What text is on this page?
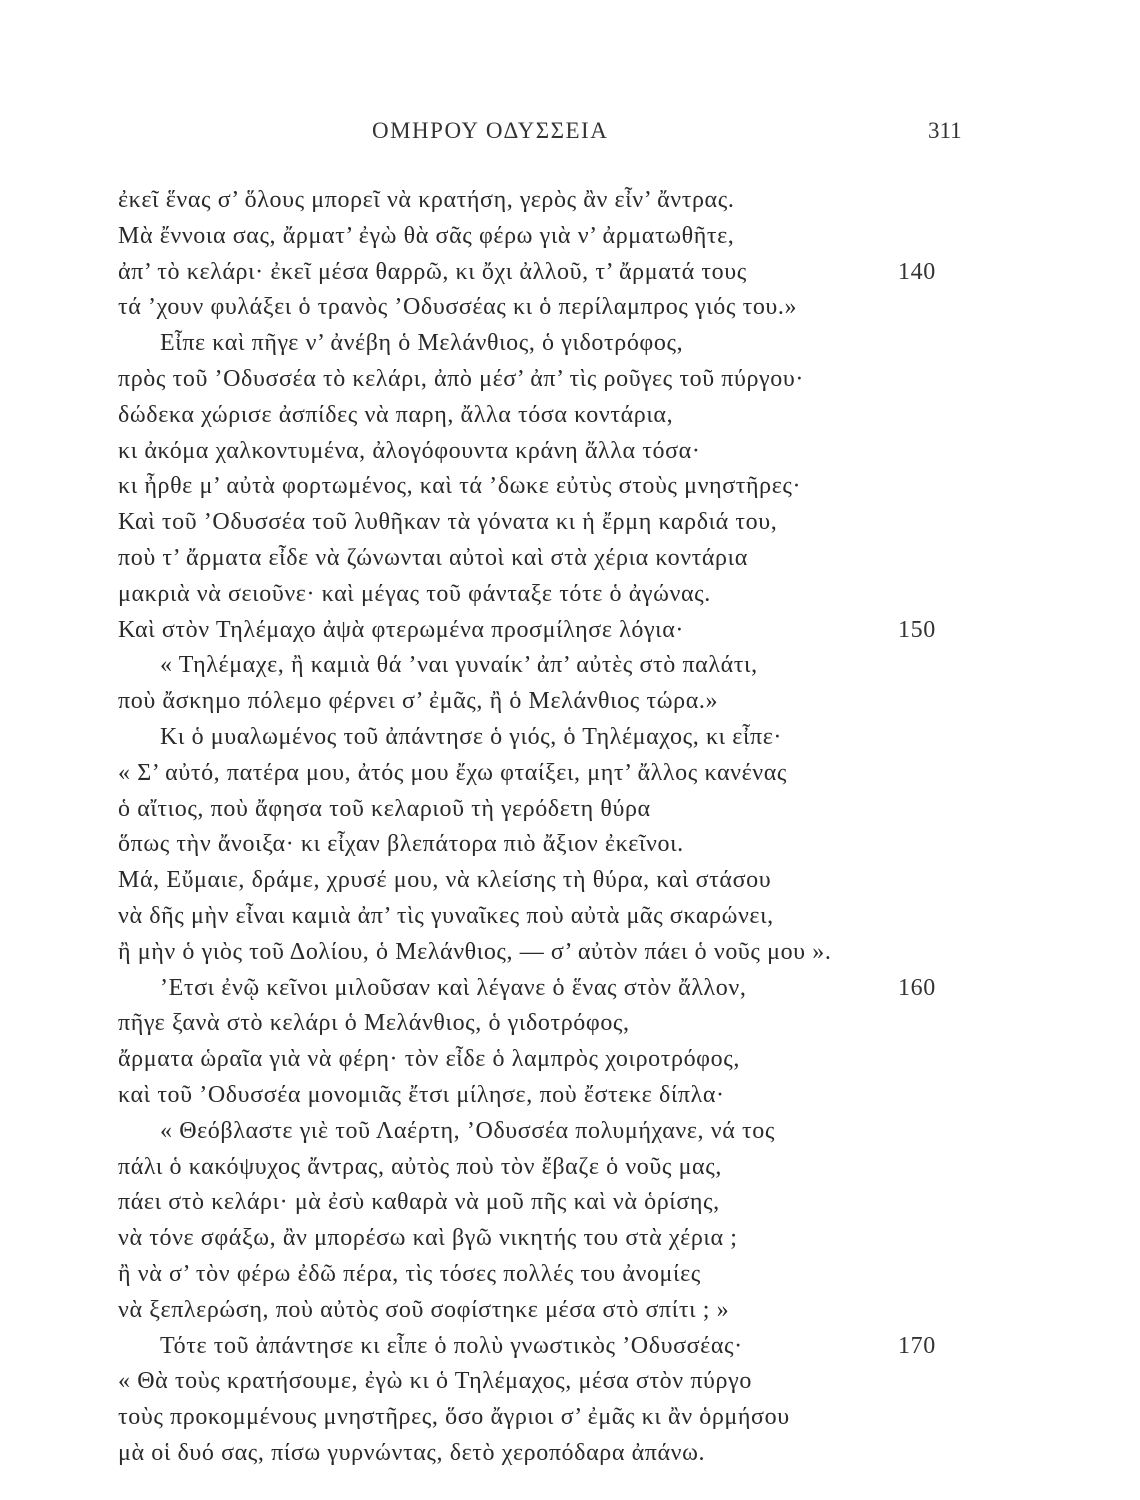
ΟΜΗΡΟΥ ΟΔΥΣΣΕΙΑ	311
ἐκεῖ ἕνας σ’ ὅλους μπορεῖ νὰ κρατήση, γερὸς ἂν εἶν’ ἄντρας.
Μὰ ἔννοια σας, ἄρματ’ ἐγὼ θὰ σᾶς φέρω γιὰ ν’ ἀρματωθῆτε,
ἀπ’ τὸ κελάρι· ἐκεῖ μέσα θαρρῶ, κι ὄχι ἀλλοῦ, τ’ ἄρματά τους	140
τά ’χουν φυλάξει ὁ τρανὸς ’Οδυσσέας κι ὁ περίλαμπρος γιός του.»
Εἶπε καὶ πῆγε ν’ ἀνέβη ὁ Μελάνθιος, ὁ γιδοτρόφος,
πρὸς τοῦ ’Οδυσσέα τὸ κελάρι, ἀπὸ μέσ’ ἀπ’ τὶς ροῦγες τοῦ πύργου·
δώδεκα χώρισε ἀσπίδες νὰ παρη, ἄλλα τόσα κοντάρια,
κι ἀκόμα χαλκοντυμένα, ἀλογόφουντα κράνη ἄλλα τόσα·
κι ἦρθε μ’ αὐτὰ φορτωμένος, καὶ τά ’δωκε εὐτὺς στοὺς μνηστῆρες·
Καὶ τοῦ ’Οδυσσέα τοῦ λυθῆκαν τὰ γόνατα κι ἡ ἔρμη καρδιά του,
ποὺ τ’ ἄρματα εἶδε νὰ ζώνωνται αὐτοὶ καὶ στὰ χέρια κοντάρια
μακριὰ νὰ σειοῦνε· καὶ μέγας τοῦ φάνταξε τότε ὁ ἀγώνας.
Καὶ στὸν Τηλέμαχο ἀψὰ φτερωμένα προσμίλησε λόγια·	150
« Τηλέμαχε, ἢ καμιὰ θά ’ναι γυναίκ’ ἀπ’ αὐτὲς στὸ παλάτι,
ποὺ ἄσκημο πόλεμο φέρνει σ’ ἐμᾶς, ἢ ὁ Μελάνθιος τώρα.»
Κι ὁ μυαλωμένος τοῦ ἀπάντησε ὁ γιός, ὁ Τηλέμαχος, κι εἶπε·
« Σ’ αὐτό, πατέρα μου, ἀτός μου ἔχω φταίξει, μητ’ ἄλλος κανένας
ὁ αἴτιος, ποὺ ἄφησα τοῦ κελαριοῦ τὴ γερόδετη θύρα
ὅπως τὴν ἄνοιξα· κι εἶχαν βλεπάτορα πιὸ ἄξιον ἐκεῖνοι.
Μά, Εὔμαιε, δράμε, χρυσέ μου, νὰ κλείσης τὴ θύρα, καὶ στάσου
νὰ δῆς μὴν εἶναι καμιὰ ἀπ’ τὶς γυναῖκες ποὺ αὐτὰ μᾶς σκαρώνει,
ἢ μὴν ὁ γιὸς τοῦ Δολίου, ὁ Μελάνθιος, — σ’ αὐτὸν πάει ὁ νοῦς μου ».
’Ετσι ἐνῷ κεῖνοι μιλοῦσαν καὶ λέγανε ὁ ἕνας στὸν ἄλλον,	160
πῆγε ξανὰ στὸ κελάρι ὁ Μελάνθιος, ὁ γιδοτρόφος,
ἄρματα ὡραῖα γιὰ νὰ φέρη· τὸν εἶδε ὁ λαμπρὸς χοιροτρόφος,
καὶ τοῦ ’Οδυσσέα μονομιᾶς ἔτσι μίλησε, ποὺ ἔστεκε δίπλα·
« Θεόβλαστε γιὲ τοῦ Λαέρτη, ’Οδυσσέα πολυμήχανε, νά τος
πάλι ὁ κακόψυχος ἄντρας, αὐτὸς ποὺ τὸν ἔβαζε ὁ νοῦς μας,
πάει στὸ κελάρι· μὰ ἐσὺ καθαρὰ νὰ μοῦ πῆς καὶ νὰ ὁρίσης,
νὰ τόνε σφάξω, ἂν μπορέσω καὶ βγῶ νικητής του στὰ χέρια ;
ἢ νὰ σ’ τὸν φέρω ἐδῶ πέρα, τὶς τόσες πολλές του ἀνομίες
νὰ ξεπλερώση, ποὺ αὐτὸς σοῦ σοφίστηκε μέσα στὸ σπίτι ; »
Τότε τοῦ ἀπάντησε κι εἶπε ὁ πολὺ γνωστικὸς ’Οδυσσέας·	170
« Θὰ τοὺς κρατήσουμε, ἐγὼ κι ὁ Τηλέμαχος, μέσα στὸν πύργο
τοὺς προκομμένους μνηστῆρες, ὅσο ἄγριοι σ’ ἐμᾶς κι ἂν ὁρμήσου
μὰ οἱ δυό σας, πίσω γυρνώντας, δετὸ χεροπόδαρα ἀπάνω.
